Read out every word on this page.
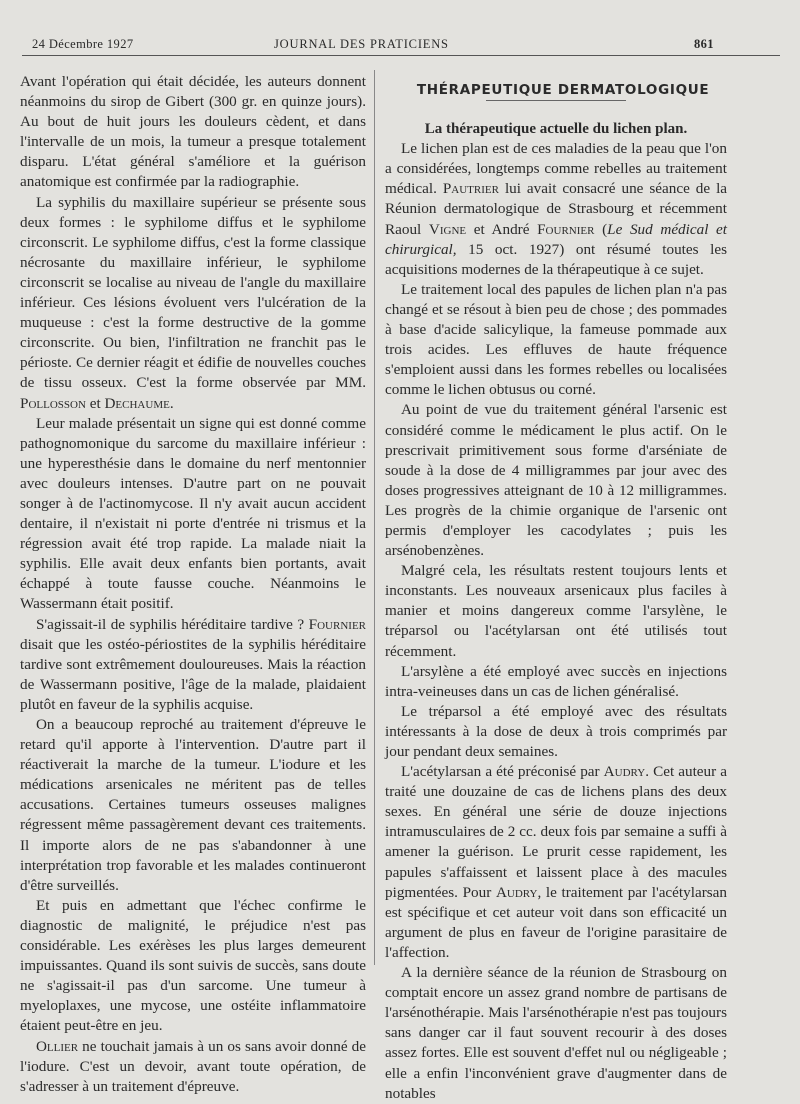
24 Décembre 1927	JOURNAL DES PRATICIENS	861

Avant l'opération qui était décidée, les auteurs donnent néanmoins du sirop de Gibert (300 gr. en quinze jours). Au bout de huit jours les douleurs cèdent, et dans l'intervalle de un mois, la tumeur a presque totalement disparu. L'état général s'améliore et la guérison anatomique est confirmée par la radiographie.

La syphilis du maxillaire supérieur se présente sous deux formes : le syphilome diffus et le syphilome circonscrit. Le syphilome diffus, c'est la forme classique nécrosante du maxillaire inférieur, le syphilome circonscrit se localise au niveau de l'angle du maxillaire inférieur. Ces lésions évoluent vers l'ulcération de la muqueuse : c'est la forme destructive de la gomme circonscrite. Ou bien, l'infiltration ne franchit pas le périoste. Ce dernier réagit et édifie de nouvelles couches de tissu osseux. C'est la forme observée par MM. Pollosson et Dechaume.

Leur malade présentait un signe qui est donné comme pathognomonique du sarcome du maxillaire inférieur : une hyperesthésie dans le domaine du nerf mentonnier avec douleurs intenses. D'autre part on ne pouvait songer à de l'actinomycose. Il n'y avait aucun accident dentaire, il n'existait ni porte d'entrée ni trismus et la régression avait été trop rapide. La malade niait la syphilis. Elle avait deux enfants bien portants, avait échappé à toute fausse couche. Néanmoins le Wassermann était positif.

S'agissait-il de syphilis héréditaire tardive ? Fournier disait que les ostéo-périostites de la syphilis héréditaire tardive sont extrêmement douloureuses. Mais la réaction de Wassermann positive, l'âge de la malade, plaidaient plutôt en faveur de la syphilis acquise.

On a beaucoup reproché au traitement d'épreuve le retard qu'il apporte à l'intervention. D'autre part il réactiverait la marche de la tumeur. L'iodure et les médications arsenicales ne méritent pas de telles accusations. Certaines tumeurs osseuses malignes régressent même passagèrement devant ces traitements. Il importe alors de ne pas s'abandonner à une interprétation trop favorable et les malades continueront d'être surveillés.

Et puis en admettant que l'échec confirme le diagnostic de malignité, le préjudice n'est pas considérable. Les exérèses les plus larges demeurent impuissantes. Quand ils sont suivis de succès, sans doute ne s'agissait-il pas d'un sarcome. Une tumeur à myeloplaxes, une mycose, une ostéite inflammatoire étaient peut-être en jeu.

Ollier ne touchait jamais à un os sans avoir donné de l'iodure. C'est un devoir, avant toute opération, de s'adresser à un traitement d'épreuve.

THÉRAPEUTIQUE DERMATOLOGIQUE

La thérapeutique actuelle du lichen plan.

Le lichen plan est de ces maladies de la peau que l'on a considérées, longtemps comme rebelles au traitement médical. Pautrier lui avait consacré une séance de la Réunion dermatologique de Strasbourg et récemment Raoul Vigne et André Fournier (Le Sud médical et chirurgical, 15 oct. 1927) ont résumé toutes les acquisitions modernes de la thérapeutique à ce sujet.

Le traitement local des papules de lichen plan n'a pas changé et se résout à bien peu de chose ; des pommades à base d'acide salicylique, la fameuse pommade aux trois acides. Les effluves de haute fréquence s'emploient aussi dans les formes rebelles ou localisées comme le lichen obtusus ou corné.

Au point de vue du traitement général l'arsenic est considéré comme le médicament le plus actif. On le prescrivait primitivement sous forme d'arséniate de soude à la dose de 4 milligrammes par jour avec des doses progressives atteignant de 10 à 12 milligrammes. Les progrès de la chimie organique de l'arsenic ont permis d'employer les cacodylates ; puis les arsénobenzènes.

Malgré cela, les résultats restent toujours lents et inconstants. Les nouveaux arsenicaux plus faciles à manier et moins dangereux comme l'arsylène, le tréparsol ou l'acétylarsan ont été utilisés tout récemment.

L'arsylène a été employé avec succès en injections intra-veineuses dans un cas de lichen généralisé.

Le tréparsol a été employé avec des résultats intéressants à la dose de deux à trois comprimés par jour pendant deux semaines.

L'acétylarsan a été préconisé par Audry. Cet auteur a traité une douzaine de cas de lichens plans des deux sexes. En général une série de douze injections intramusculaires de 2 cc. deux fois par semaine a suffi à amener la guérison. Le prurit cesse rapidement, les papules s'affaissent et laissent place à des macules pigmentées. Pour Audry, le traitement par l'acétylarsan est spécifique et cet auteur voit dans son efficacité un argument de plus en faveur de l'origine parasitaire de l'affection.

A la dernière séance de la réunion de Strasbourg on comptait encore un assez grand nombre de partisans de l'arsénothérapie. Mais l'arsénothérapie n'est pas toujours sans danger car il faut souvent recourir à des doses assez fortes. Elle est souvent d'effet nul ou négligeable ; elle a enfin l'inconvénient grave d'augmenter dans de notables
